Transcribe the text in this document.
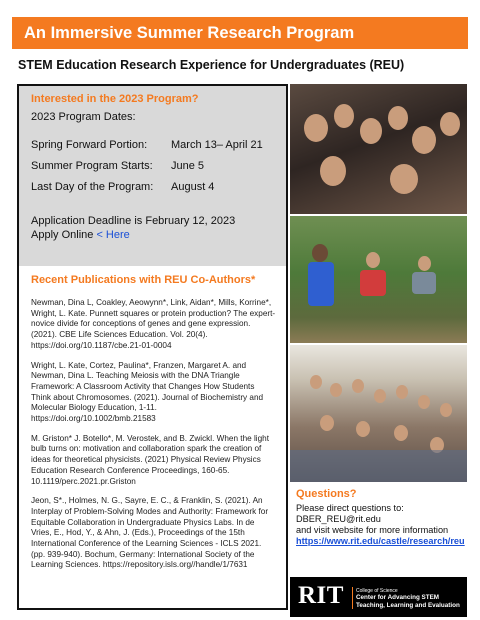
An Immersive Summer Research Program
STEM Education Research Experience for Undergraduates (REU)
Interested in the 2023 Program?
2023 Program Dates:
Spring Forward Portion:	March 13– April 21
Summer Program Starts:	June 5
Last Day of the Program:	August 4
Application Deadline is February 12, 2023
Apply Online < Here
Recent Publications with REU Co-Authors*
Newman, Dina L, Coakley, Aeowynn*, Link, Aidan*, Mills, Korrine*, Wright, L. Kate. Punnett squares or protein production? The expert-novice divide for conceptions of genes and gene expression. (2021). CBE Life Sciences Education. Vol. 20(4). https://doi.org/10.1187/cbe.21-01-0004
Wright, L. Kate, Cortez, Paulina*, Franzen, Margaret A. and Newman, Dina L. Teaching Meiosis with the DNA Triangle Framework: A Classroom Activity that Changes How Students Think about Chromosomes. (2021). Journal of Biochemistry and Molecular Biology Education, 1-11. https://doi.org/10.1002/bmb.21583
M. Griston* J. Botello*, M. Verostek, and B. Zwickl. When the light bulb turns on: motivation and collaboration spark the creation of ideas for theoretical physicists. (2021) Physical Review Physics Education Research Conference Proceedings, 160-65. 10.1119/perc.2021.pr.Griston
Jeon, S*., Holmes, N. G., Sayre, E. C., & Franklin, S. (2021). An Interplay of Problem-Solving Modes and Authority: Framework for Equitable Collaboration in Undergraduate Physics Labs. In de Vries, E., Hod, Y., & Ahn, J. (Eds.), Proceedings of the 15th International Conference of the Learning Sciences - ICLS 2021. (pp. 939-940). Bochum, Germany: International Society of the Learning Sciences. https://repository.isls.org//handle/1/7631
Questions?
Please direct questions to:
DBER_REU@rit.edu
and visit website for more information
https://www.rit.edu/castle/research/reu
RIT College of Science
Center for Advancing STEM Teaching, Learning and Evaluation
